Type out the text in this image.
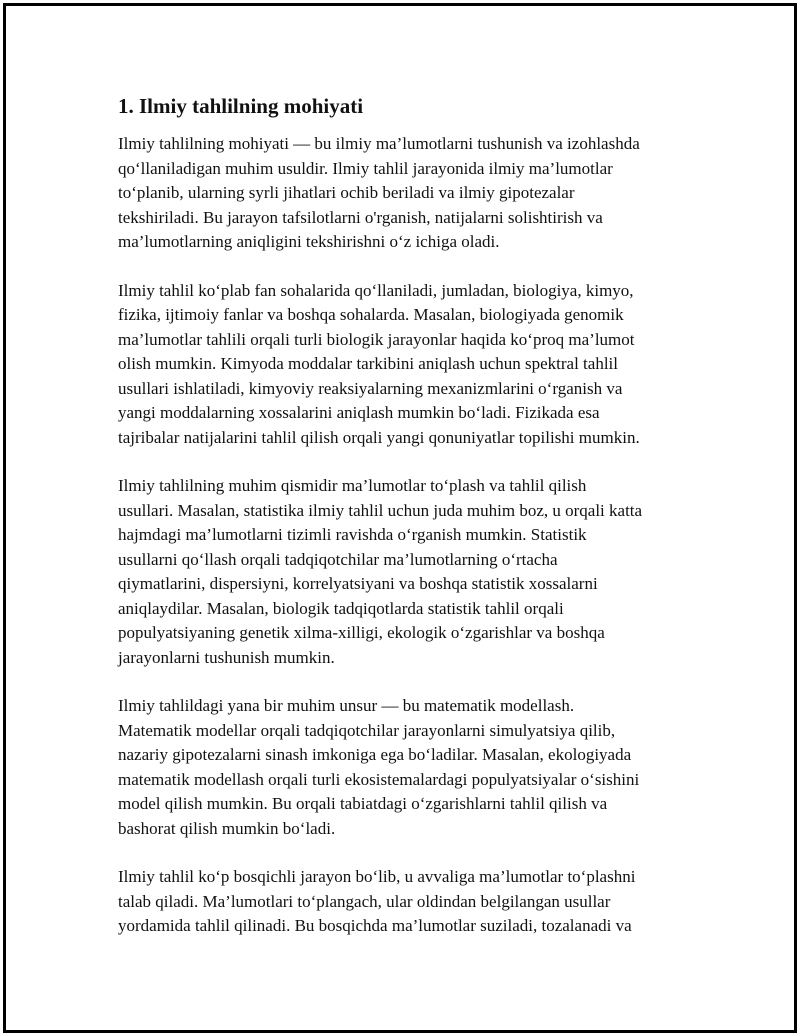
1. Ilmiy tahlilning mohiyati

Ilmiy tahlilning mohiyati — bu ilmiy ma’lumotlarni tushunish va izohlashda
qo‘llaniladigan muhim usuldir. Ilmiy tahlil jarayonida ilmiy ma’lumotlar
to‘planib, ularning syrli jihatlari ochib beriladi va ilmiy gipotezalar
tekshiriladi. Bu jarayon tafsilotlarni o'rganish, natijalarni solishtirish va
ma’lumotlarning aniqligini tekshirishni o‘z ichiga oladi.

Ilmiy tahlil ko‘plab fan sohalarida qo‘llaniladi, jumladan, biologiya, kimyo,
fizika, ijtimoiy fanlar va boshqa sohalarda. Masalan, biologiyada genomik
ma’lumotlar tahlili orqali turli biologik jarayonlar haqida ko‘proq ma’lumot
olish mumkin. Kimyoda moddalar tarkibini aniqlash uchun spektral tahlil
usullari ishlatiladi, kimyoviy reaksiyalarning mexanizmlarini o‘rganish va
yangi moddalarning xossalarini aniqlash mumkin bo‘ladi. Fizikada esa
tajribalar natijalarini tahlil qilish orqali yangi qonuniyatlar topilishi mumkin.

Ilmiy tahlilning muhim qismidir ma’lumotlar to‘plash va tahlil qilish
usullari. Masalan, statistika ilmiy tahlil uchun juda muhim boz, u orqali katta
hajmdagi ma’lumotlarni tizimli ravishda o‘rganish mumkin. Statistik
usullarni qo‘llash orqali tadqiqotchilar ma’lumotlarning o‘rtacha
qiymatlarini, dispersiyni, korrelyatsiyani va boshqa statistik xossalarni
aniqlaydilar. Masalan, biologik tadqiqotlarda statistik tahlil orqali
populyatsiyaning genetik xilma-xilligi, ekologik o‘zgarishlar va boshqa
jarayonlarni tushunish mumkin.

Ilmiy tahlildagi yana bir muhim unsur — bu matematik modellash.
Matematik modellar orqali tadqiqotchilar jarayonlarni simulyatsiya qilib,
nazariy gipotezalarni sinash imkoniga ega bo‘ladilar. Masalan, ekologiyada
matematik modellash orqali turli ekosistemalardagi populyatsiyalar o‘sishini
model qilish mumkin. Bu orqali tabiatdagi o‘zgarishlarni tahlil qilish va
bashorat qilish mumkin bo‘ladi.

Ilmiy tahlil ko‘p bosqichli jarayon bo‘lib, u avvaliga ma’lumotlar to‘plashni
talab qiladi. Ma’lumotlari to‘plangach, ular oldindan belgilangan usullar
yordamida tahlil qilinadi. Bu bosqichda ma’lumotlar suziladi, tozalanadi va
